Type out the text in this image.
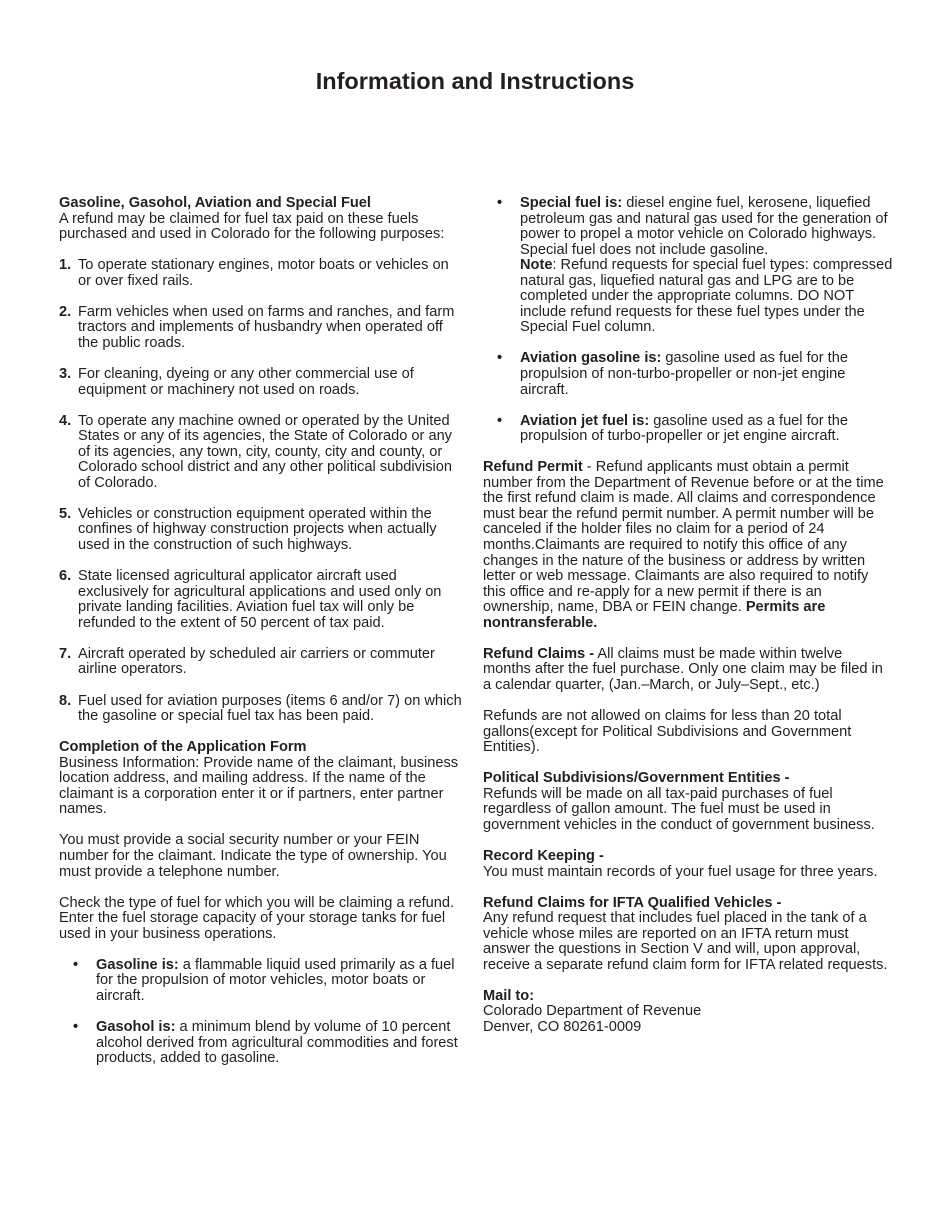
Information and Instructions

Gasoline, Gasohol, Aviation and Special Fuel
A refund may be claimed for fuel tax paid on these fuels purchased and used in Colorado for the following purposes:

1. To operate stationary engines, motor boats or vehicles on or over fixed rails.
2. Farm vehicles when used on farms and ranches, and farm tractors and implements of husbandry when operated off the public roads.
3. For cleaning, dyeing or any other commercial use of equipment or machinery not used on roads.
4. To operate any machine owned or operated by the United States or any of its agencies, the State of Colorado or any of its agencies, any town, city, county, city and county, or Colorado school district and any other political subdivision of Colorado.
5. Vehicles or construction equipment operated within the confines of highway construction projects when actually used in the construction of such highways.
6. State licensed agricultural applicator aircraft used exclusively for agricultural applications and used only on private landing facilities. Aviation fuel tax will only be refunded to the extent of 50 percent of tax paid.
7. Aircraft operated by scheduled air carriers or commuter airline operators.
8. Fuel used for aviation purposes (items 6 and/or 7) on which the gasoline or special fuel tax has been paid.

Completion of the Application Form
Business Information: Provide name of the claimant, business location address, and mailing address. If the name of the claimant is a corporation enter it or if partners, enter partner names.

You must provide a social security number or your FEIN number for the claimant. Indicate the type of ownership. You must provide a telephone number.

Check the type of fuel for which you will be claiming a refund. Enter the fuel storage capacity of your storage tanks for fuel used in your business operations.

• Gasoline is: a flammable liquid used primarily as a fuel for the propulsion of motor vehicles, motor boats or aircraft.
• Gasohol is: a minimum blend by volume of 10 percent alcohol derived from agricultural commodities and forest products, added to gasoline.
• Special fuel is: diesel engine fuel, kerosene, liquefied petroleum gas and natural gas used for the generation of power to propel a motor vehicle on Colorado highways. Special fuel does not include gasoline.
Note: Refund requests for special fuel types: compressed natural gas, liquefied natural gas and LPG are to be completed under the appropriate columns. DO NOT include refund requests for these fuel types under the Special Fuel column.
• Aviation gasoline is: gasoline used as fuel for the propulsion of non-turbo-propeller or non-jet engine aircraft.
• Aviation jet fuel is: gasoline used as a fuel for the propulsion of turbo-propeller or jet engine aircraft.

Refund Permit - Refund applicants must obtain a permit number from the Department of Revenue before or at the time the first refund claim is made. All claims and correspondence must bear the refund permit number. A permit number will be canceled if the holder files no claim for a period of 24 months.Claimants are required to notify this office of any changes in the nature of the business or address by written letter or web message. Claimants are also required to notify this office and re-apply for a new permit if there is an ownership, name, DBA or FEIN change. Permits are nontransferable.

Refund Claims - All claims must be made within twelve months after the fuel purchase. Only one claim may be filed in a calendar quarter, (Jan.–March, or July–Sept., etc.)

Refunds are not allowed on claims for less than 20 total gallons(except for Political Subdivisions and Government Entities).

Political Subdivisions/Government Entities -
Refunds will be made on all tax-paid purchases of fuel regardless of gallon amount. The fuel must be used in government vehicles in the conduct of government business.

Record Keeping -
You must maintain records of your fuel usage for three years.

Refund Claims for IFTA Qualified Vehicles -
Any refund request that includes fuel placed in the tank of a vehicle whose miles are reported on an IFTA return must answer the questions in Section V and will, upon approval, receive a separate refund claim form for IFTA related requests.

Mail to:
Colorado Department of Revenue
Denver, CO 80261-0009
